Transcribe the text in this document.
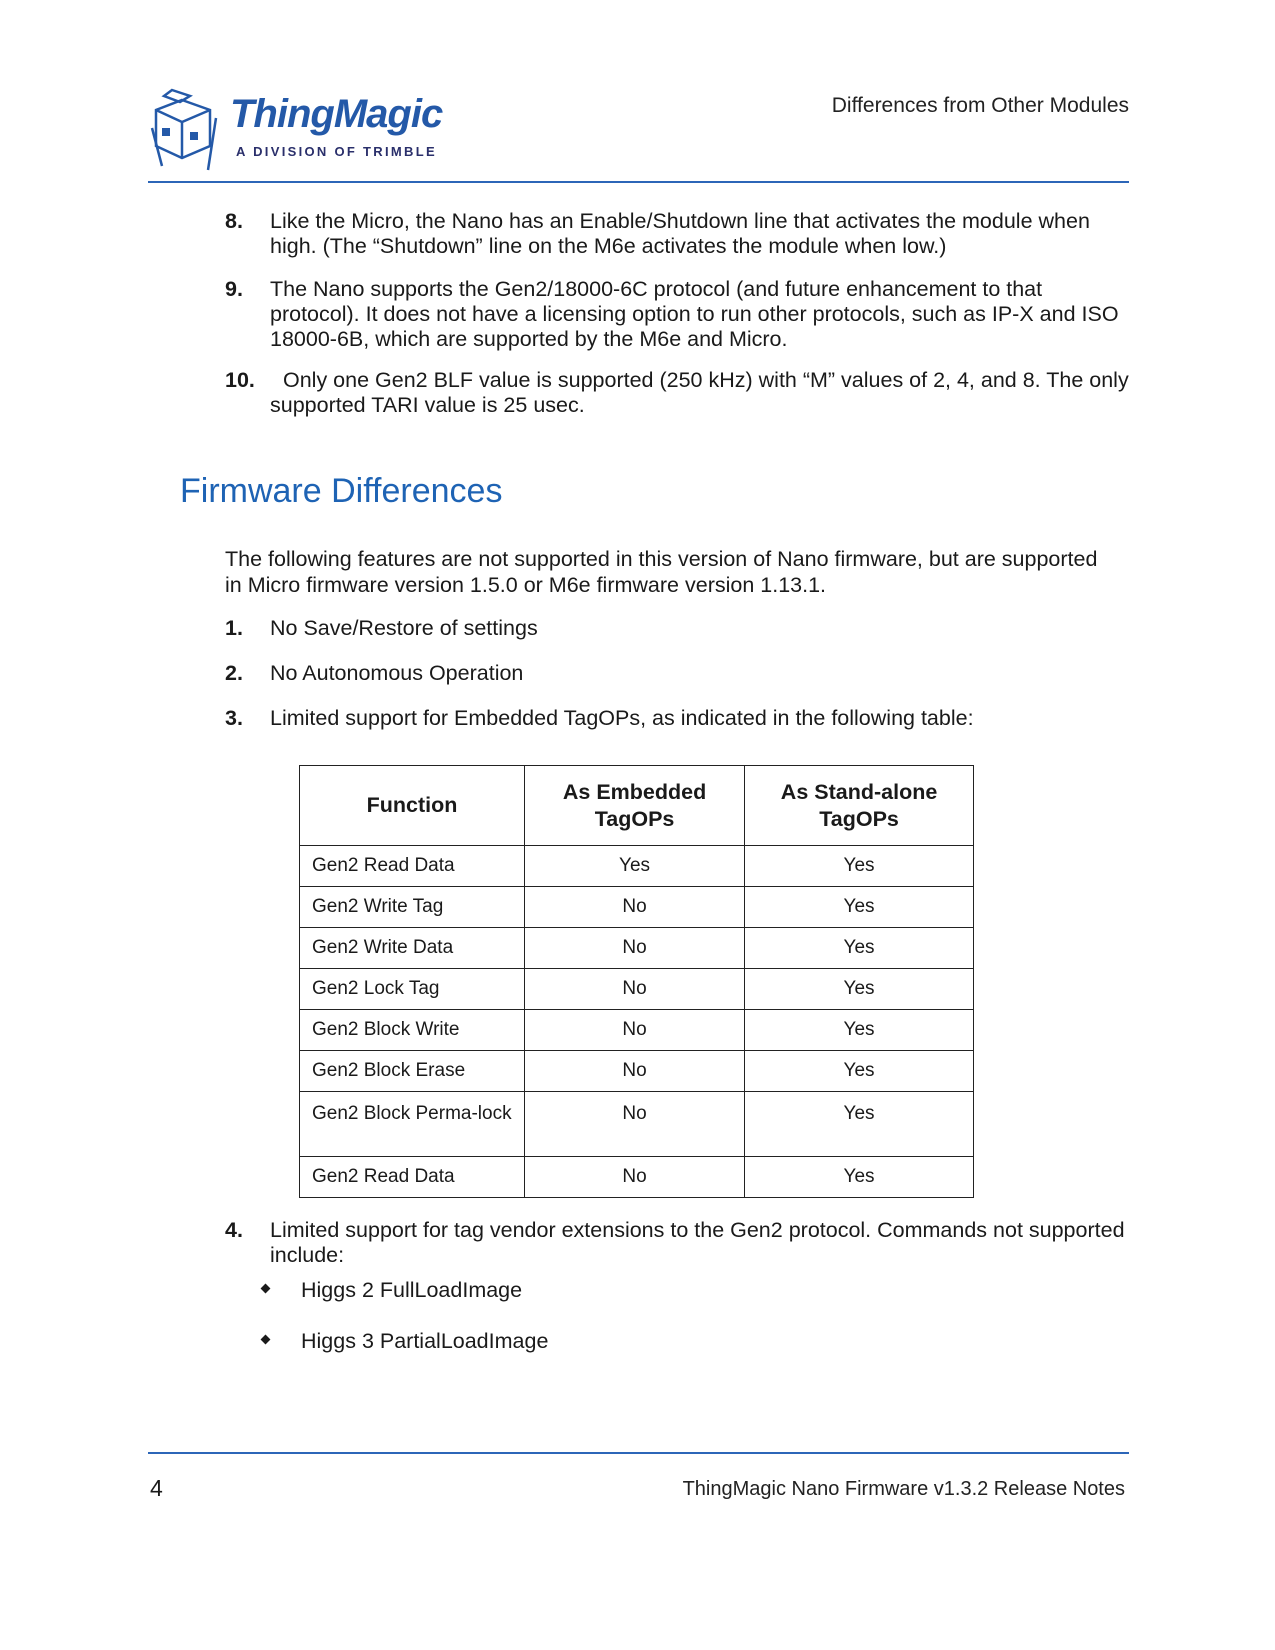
ThingMagic
A DIVISION OF TRIMBLE
Differences from Other Modules
8. Like the Micro, the Nano has an Enable/Shutdown line that activates the module when high. (The “Shutdown” line on the M6e activates the module when low.)
9. The Nano supports the Gen2/18000-6C protocol (and future enhancement to that protocol). It does not have a licensing option to run other protocols, such as IP-X and ISO 18000-6B, which are supported by the M6e and Micro.
10.	Only one Gen2 BLF value is supported (250 kHz) with “M” values of 2, 4, and 8. The only supported TARI value is 25 usec.
Firmware Differences
The following features are not supported in this version of Nano firmware, but are supported in Micro firmware version 1.5.0 or M6e firmware version 1.13.1.
1. No Save/Restore of settings
2. No Autonomous Operation
3. Limited support for Embedded TagOPs, as indicated in the following table:
Function	As Embedded TagOPs	As Stand-alone TagOPs
Gen2 Read Data	Yes	Yes
Gen2 Write Tag	No	Yes
Gen2 Write Data	No	Yes
Gen2 Lock Tag	No	Yes
Gen2 Block Write	No	Yes
Gen2 Block Erase	No	Yes
Gen2 Block Perma-lock	No	Yes
Gen2 Read Data	No	Yes
4. Limited support for tag vendor extensions to the Gen2 protocol. Commands not supported include:
Higgs 2 FullLoadImage
Higgs 3 PartialLoadImage
4	ThingMagic Nano Firmware v1.3.2 Release Notes
